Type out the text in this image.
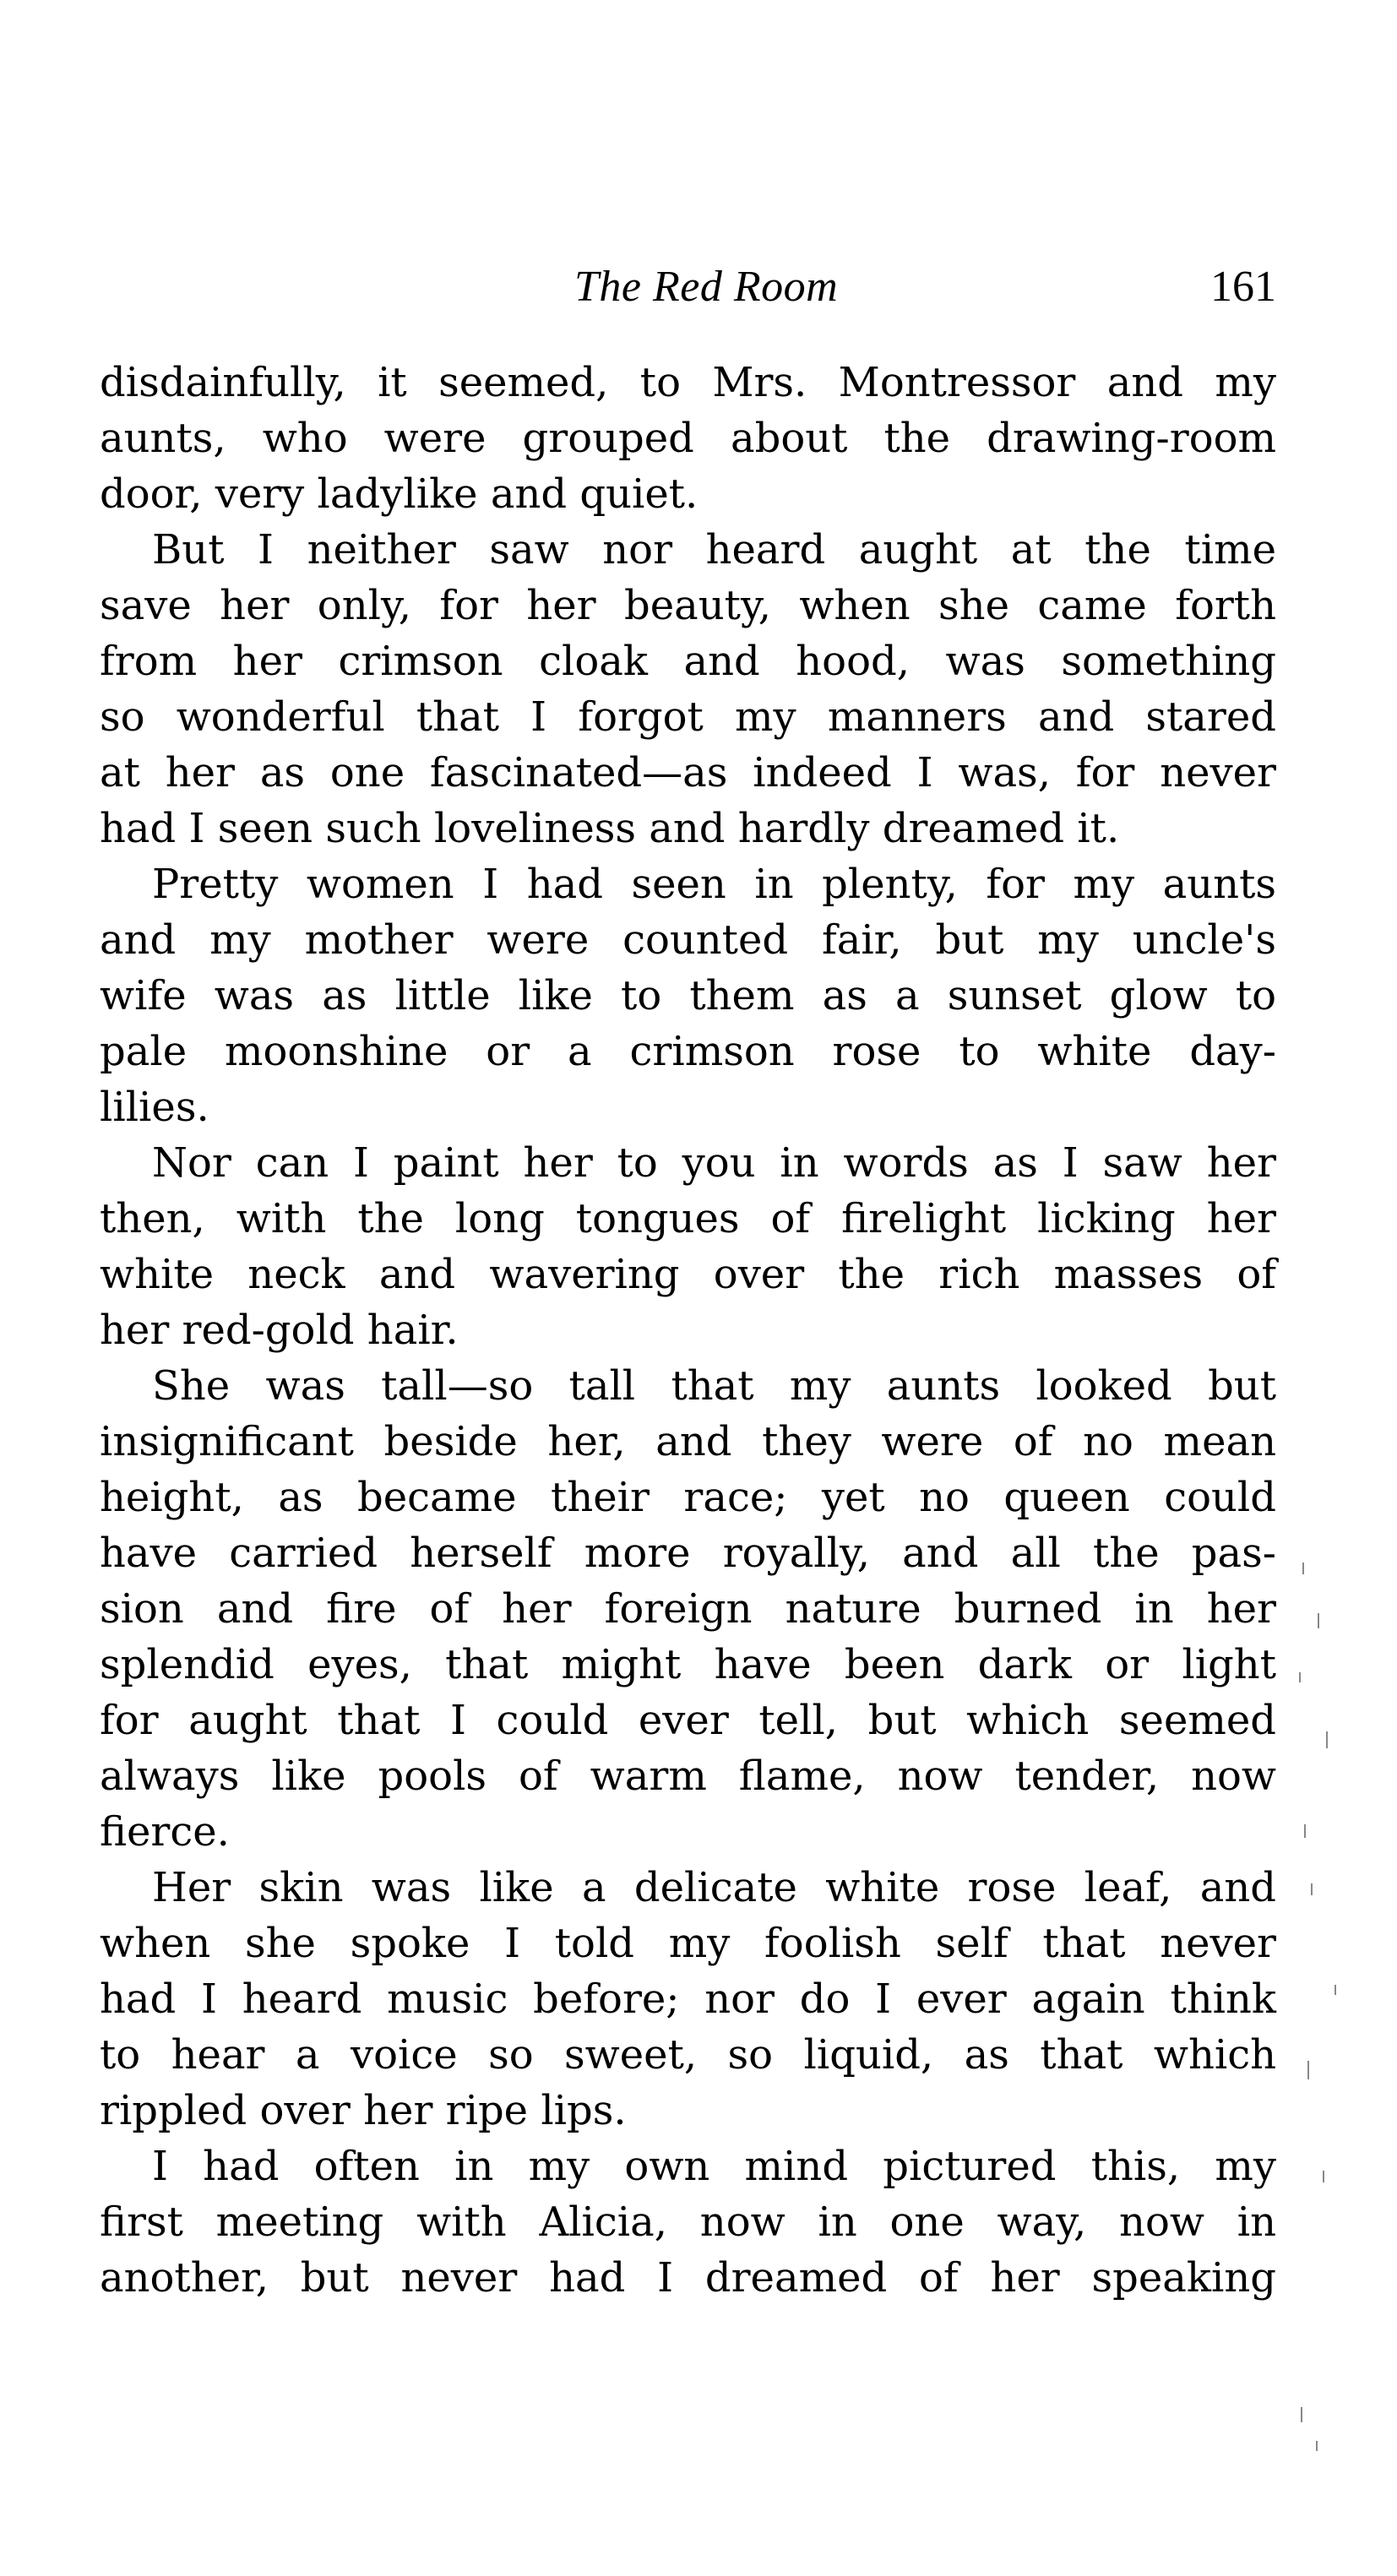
The Red Room	161
disdainfully, it seemed, to Mrs. Montressor and my
aunts, who were grouped about the drawing-room
door, very ladylike and quiet.
But I neither saw nor heard aught at the time
save her only, for her beauty, when she came forth
from her crimson cloak and hood, was something
so wonderful that I forgot my manners and stared
at her as one fascinated—as indeed I was, for never
had I seen such loveliness and hardly dreamed it.
Pretty women I had seen in plenty, for my aunts
and my mother were counted fair, but my uncle's
wife was as little like to them as a sunset glow to
pale moonshine or a crimson rose to white day-
lilies.
Nor can I paint her to you in words as I saw her
then, with the long tongues of firelight licking her
white neck and wavering over the rich masses of
her red-gold hair.
She was tall—so tall that my aunts looked but
insignificant beside her, and they were of no mean
height, as became their race; yet no queen could
have carried herself more royally, and all the pas-
sion and fire of her foreign nature burned in her
splendid eyes, that might have been dark or light
for aught that I could ever tell, but which seemed
always like pools of warm flame, now tender, now
fierce.
Her skin was like a delicate white rose leaf, and
when she spoke I told my foolish self that never
had I heard music before; nor do I ever again think
to hear a voice so sweet, so liquid, as that which
rippled over her ripe lips.
I had often in my own mind pictured this, my
first meeting with Alicia, now in one way, now in
another, but never had I dreamed of her speaking
